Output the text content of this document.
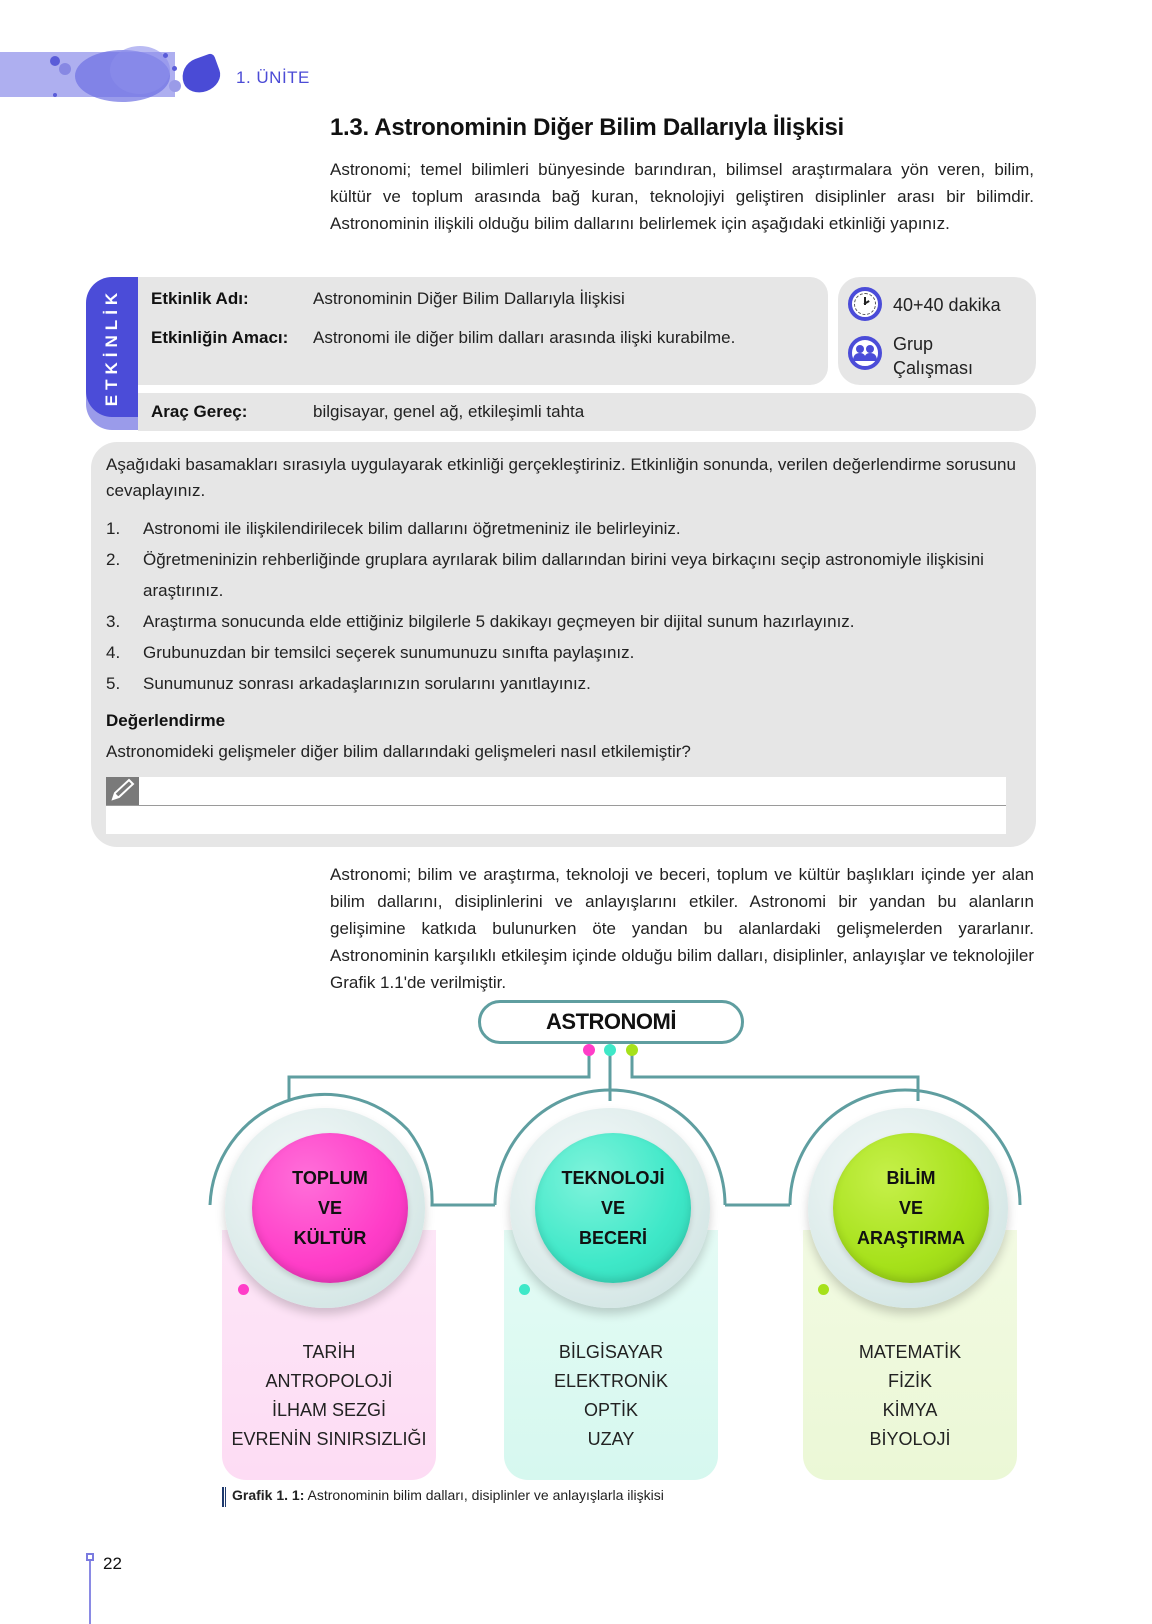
1. ÜNİTE
1.3. Astronominin Diğer Bilim Dallarıyla İlişkisi
Astronomi; temel bilimleri bünyesinde barındıran, bilimsel araştırmalara yön veren, bilim, kültür ve toplum arasında bağ kuran, teknolojiyi geliştiren disiplinler arası bir bilimdir. Astronominin ilişkili olduğu bilim dallarını belirlemek için aşağıdaki etkinliği yapınız.
ETKİNLİK Etkinlik Adı:	Astronominin Diğer Bilim Dallarıyla İlişkisi
Etkinliğin Amacı: Astronomi ile diğer bilim dalları arasında ilişki kurabilme.
40+40 dakika
Grup
Çalışması
Araç Gereç:	bilgisayar, genel ağ, etkileşimli tahta
Aşağıdaki basamakları sırasıyla uygulayarak etkinliği gerçekleştiriniz. Etkinliğin sonunda, verilen değerlendirme sorusunu cevaplayınız.
1. Astronomi ile ilişkilendirilecek bilim dallarını öğretmeniniz ile belirleyiniz.
2. Öğretmeninizin rehberliğinde gruplara ayrılarak bilim dallarından birini veya birkaçını seçip astronomiyle ilişkisini araştırınız.
3. Araştırma sonucunda elde ettiğiniz bilgilerle 5 dakikayı geçmeyen bir dijital sunum hazırlayınız.
4. Grubunuzdan bir temsilci seçerek sunumunuzu sınıfta paylaşınız.
5. Sunumunuz sonrası arkadaşlarınızın sorularını yanıtlayınız.
Değerlendirme
Astronomideki gelişmeler diğer bilim dallarındaki gelişmeleri nasıl etkilemiştir?
Astronomi; bilim ve araştırma, teknoloji ve beceri, toplum ve kültür başlıkları içinde yer alan bilim dallarını, disiplinlerini ve anlayışlarını etkiler. Astronomi bir yandan bu alanların gelişimine katkıda bulunurken öte yandan bu alanlardaki gelişmelerden yararlanır. Astronominin karşılıklı etkileşim içinde olduğu bilim dalları, disiplinler, anlayışlar ve teknolojiler Grafik 1.1'de verilmiştir.
ASTRONOMİ
TOPLUM
VE
KÜLTÜR
TARİH
ANTROPOLOJİ
İLHAM SEZGİ
EVRENİN SINIRSIZLIĞI
TEKNOLOJİ
VE
BECERİ
BİLGİSAYAR
ELEKTRONİK
OPTİK
UZAY
BİLİM
VE
ARAŞTIRMA
MATEMATİK
FİZİK
KİMYA
BİYOLOJİ
Grafik 1. 1: Astronominin bilim dalları, disiplinler ve anlayışlarla ilişkisi
22
